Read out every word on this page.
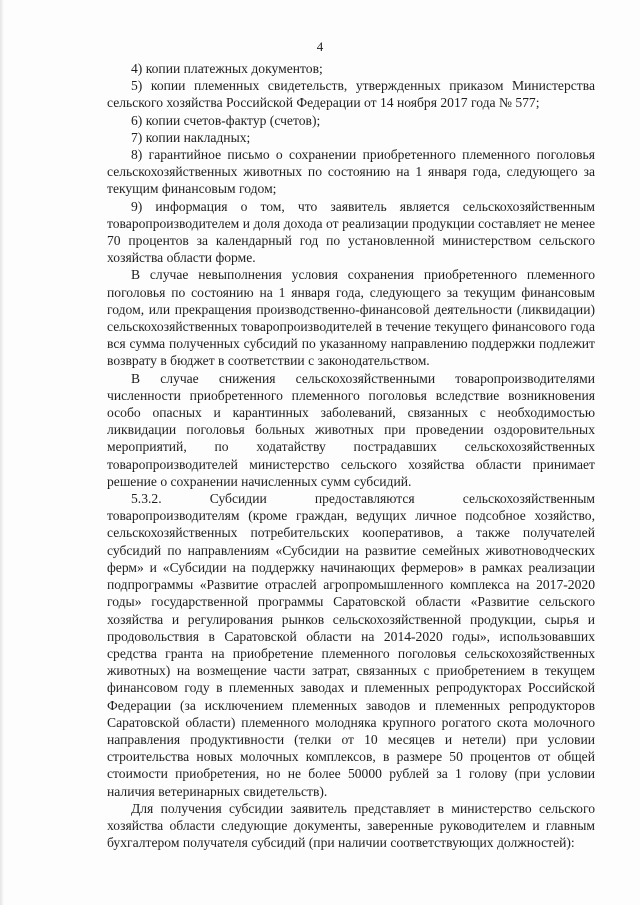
4

4) копии платежных документов;

5) копии племенных свидетельств, утвержденных приказом Министерства сельского хозяйства Российской Федерации от 14 ноября 2017 года № 577;

6) копии счетов-фактур (счетов);

7) копии накладных;

8) гарантийное письмо о сохранении приобретенного племенного поголовья сельскохозяйственных животных по состоянию на 1 января года, следующего за текущим финансовым годом;

9) информация о том, что заявитель является сельскохозяйственным товаропроизводителем и доля дохода от реализации продукции составляет не менее 70 процентов за календарный год по установленной министерством сельского хозяйства области форме.

В случае невыполнения условия сохранения приобретенного племенного поголовья по состоянию на 1 января года, следующего за текущим финансовым годом, или прекращения производственно-финансовой деятельности (ликвидации) сельскохозяйственных товаропроизводителей в течение текущего финансового года вся сумма полученных субсидий по указанному направлению поддержки подлежит возврату в бюджет в соответствии с законодательством.

В случае снижения сельскохозяйственными товаропроизводителями численности приобретенного племенного поголовья вследствие возникновения особо опасных и карантинных заболеваний, связанных с необходимостью ликвидации поголовья больных животных при проведении оздоровительных мероприятий, по ходатайству пострадавших сельскохозяйственных товаропроизводителей министерство сельского хозяйства области принимает решение о сохранении начисленных сумм субсидий.

5.3.2. Субсидии предоставляются сельскохозяйственным товаропроизводителям (кроме граждан, ведущих личное подсобное хозяйство, сельскохозяйственных потребительских кооперативов, а также получателей субсидий по направлениям «Субсидии на развитие семейных животноводческих ферм» и «Субсидии на поддержку начинающих фермеров» в рамках реализации подпрограммы «Развитие отраслей агропромышленного комплекса на 2017-2020 годы» государственной программы Саратовской области «Развитие сельского хозяйства и регулирования рынков сельскохозяйственной продукции, сырья и продовольствия в Саратовской области на 2014-2020 годы», использовавших средства гранта на приобретение племенного поголовья сельскохозяйственных животных) на возмещение части затрат, связанных с приобретением в текущем финансовом году в племенных заводах и племенных репродукторах Российской Федерации (за исключением племенных заводов и племенных репродукторов Саратовской области) племенного молодняка крупного рогатого скота молочного направления продуктивности (телки от 10 месяцев и нетели) при условии строительства новых молочных комплексов, в размере 50 процентов от общей стоимости приобретения, но не более 50000 рублей за 1 голову (при условии наличия ветеринарных свидетельств).

Для получения субсидии заявитель представляет в министерство сельского хозяйства области следующие документы, заверенные руководителем и главным бухгалтером получателя субсидий (при наличии соответствующих должностей):
